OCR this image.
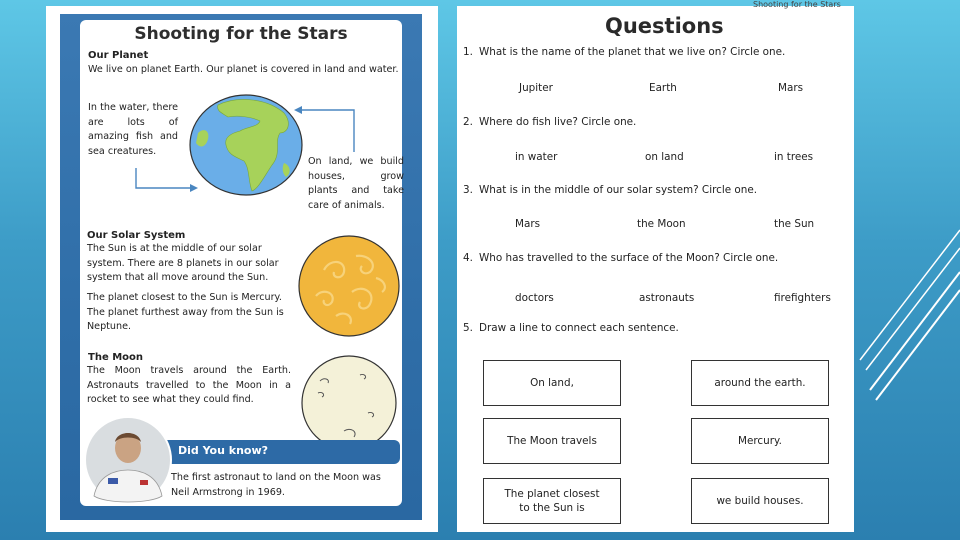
Shooting for the Stars
Our Planet
We live on planet Earth. Our planet is covered in land and water.
In the water, there are lots of amazing fish and sea creatures.
On land, we build houses, grow plants and take care of animals.
Our Solar System
The Sun is at the middle of our solar system. There are 8 planets in our solar system that all move around the Sun.
The planet closest to the Sun is Mercury. The planet furthest away from the Sun is Neptune.
The Moon
The Moon travels around the Earth. Astronauts travelled to the Moon in a rocket to see what they could find.
Did You know?
The first astronaut to land on the Moon was Neil Armstrong in 1969.
Shooting for the Stars
Questions
1. What is the name of the planet that we live on? Circle one.
Jupiter	Earth	Mars
2. Where do fish live? Circle one.
in water	on land	in trees
3. What is in the middle of our solar system? Circle one.
Mars	the Moon	the Sun
4. Who has travelled to the surface of the Moon? Circle one.
doctors	astronauts	firefighters
5. Draw a line to connect each sentence.
On land,
The Moon travels
The planet closest to the Sun is
around the earth.
Mercury.
we build houses.
